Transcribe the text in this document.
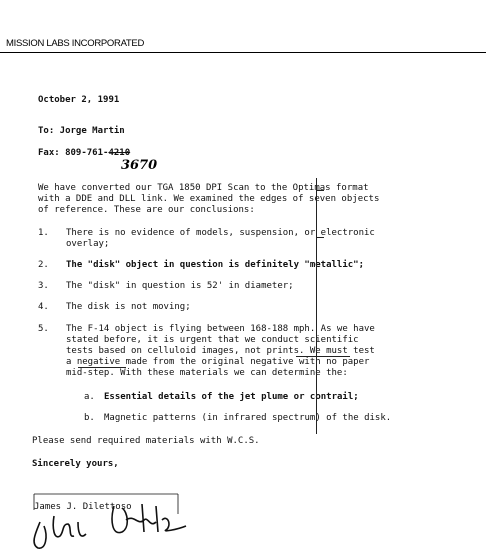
MISSION LABS INCORPORATED
October 2, 1991
To: Jorge Martin
Fax: 809-761-4210
3670
We have converted our TGA 1850 DPI Scan to the Optimas format
with a DDE and DLL link. We examined the edges of seven objects
of reference. These are our conclusions:
1. There is no evidence of models, suspension, or electronic
overlay;
2. The "disk" object in question is definitely "metallic";
3. The "disk" in question is 52' in diameter;
4. The disk is not moving;
5. The F-14 object is flying between 168-188 mph. As we have
stated before, it is urgent that we conduct scientific
tests based on celluloid images, not prints. We must test
a negative made from the original negative with no paper
mid-step. With these materials we can determine the:
a. Essential details of the jet plume or contrail;
b. Magnetic patterns (in infrared spectrum) of the disk.
Please send required materials with W.C.S.
Sincerely yours,
James J. Dilettoso
